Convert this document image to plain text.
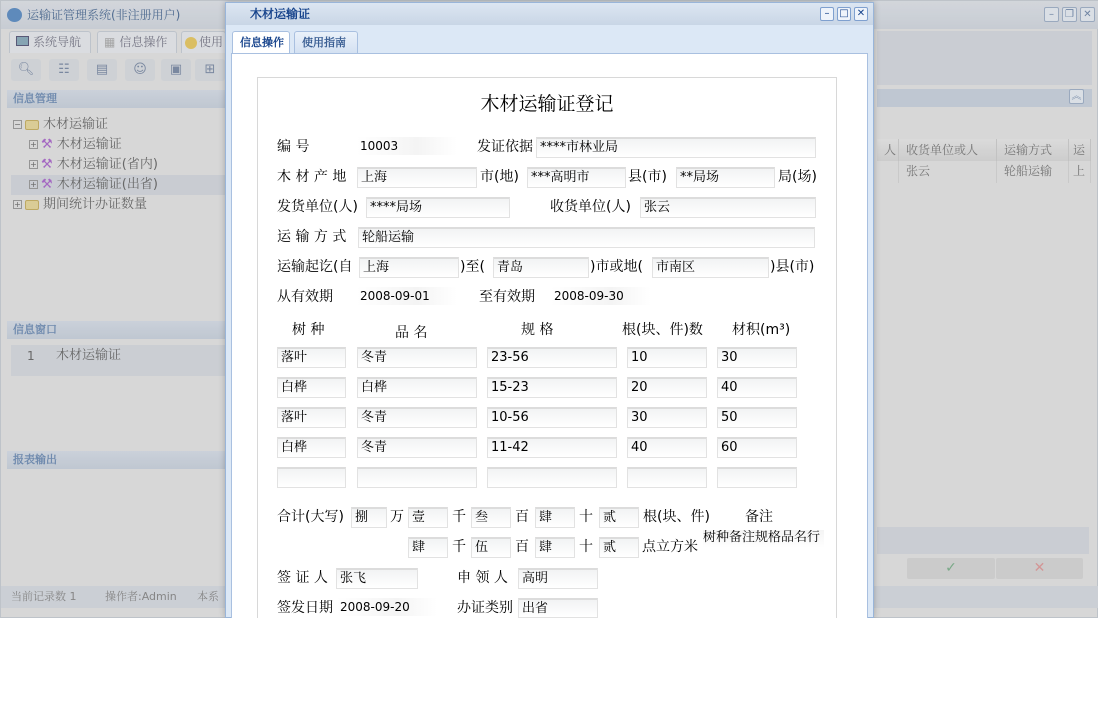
运输证管理系统(非注册用户)	–	❐ ✕
系统导航	▦ 信息操作	使用
🔍︎	☷	▤	☺	▣	⊞
信息管理
− 木材运输证
+ ⚒ 木材运输证
+ ⚒ 木材运输证(省内)
+ ⚒ 木材运输证(出省)
+ 期间统计办证数量
信息窗口
1 木材运输证
报表输出
当前记录数 1	操作者:Admin 本系
︽
人 收货单位或人	运输方式	运
张云	轮船运输	上
✓	✕
木材运输证	– □ ✕
信息操作	使用指南
木材运输证登记
编 号	10003	发证依据 ****市林业局
木 材 产 地	上海	市(地) ***高明市	县(市)	**局场	局(场)
发货单位(人) ****局场	收货单位(人)	张云
运 输 方 式	轮船运输
运输起讫(自 上海	)至( 青岛	)市或地(	市南区	)县(市)
从有效期 2008-09-01	至有效期 2008-09-30
树 种	品 名	规 格	根(块、件)数 材积(m³)
落叶	冬青	23-56	10	30
白桦	白桦	15-23	20	40
落叶	冬青	10-56	30	50
白桦	冬青	11-42	40	60
合计(大写) 捌	万 壹	千 叁	百 肆	十 贰	根(块、件)	备注
肆	千 伍	百 肆	十 贰	点立方米
树种备注规格品名行
签 证 人 张飞	申 领 人	高明
签发日期 2008-09-20	办证类别 出省
